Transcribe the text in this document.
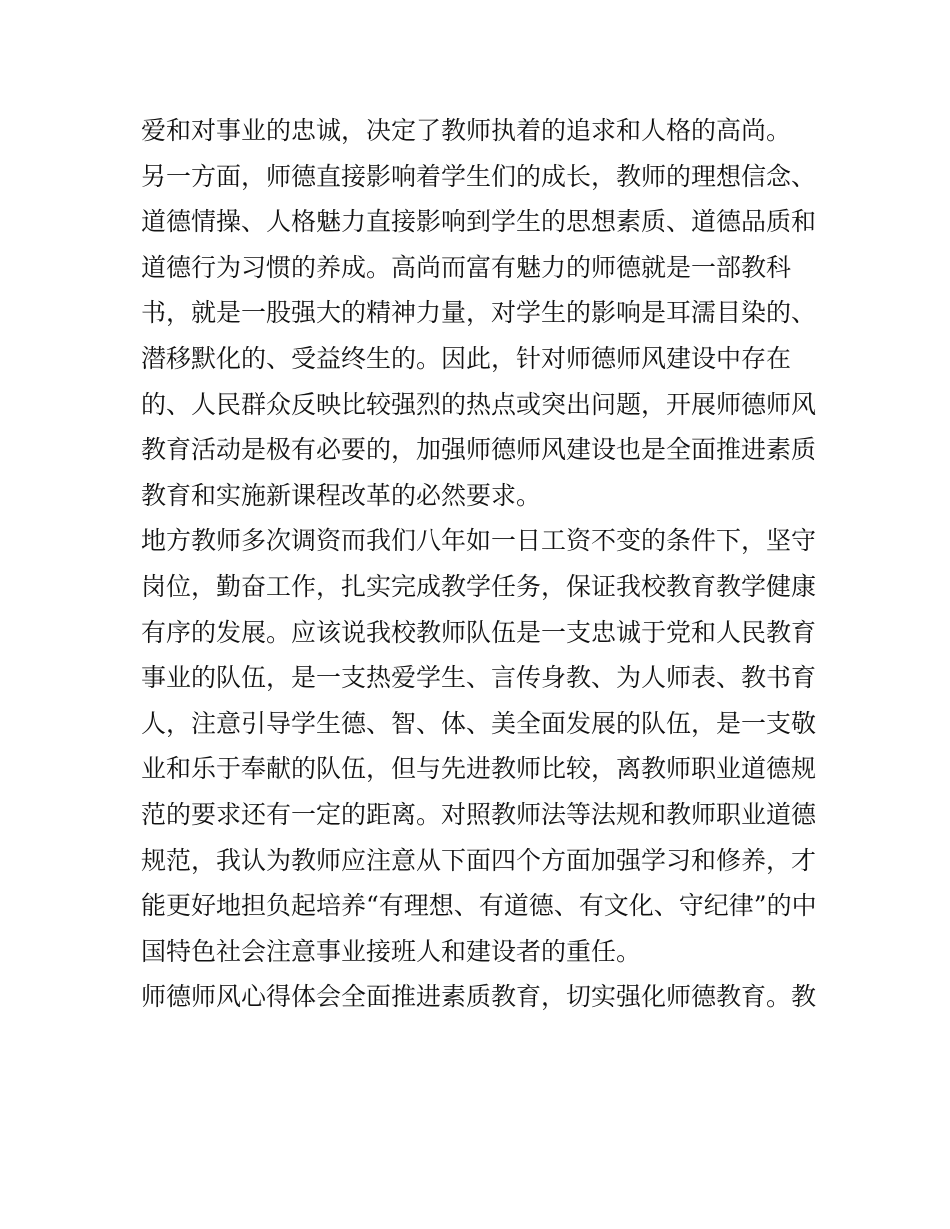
爱和对事业的忠诚，决定了教师执着的追求和人格的高尚。
另一方面，师德直接影响着学生们的成长，教师的理想信念、
道德情操、人格魅力直接影响到学生的思想素质、道德品质和
道德行为习惯的养成。高尚而富有魅力的师德就是一部教科
书，就是一股强大的精神力量，对学生的影响是耳濡目染的、
潜移默化的、受益终生的。因此，针对师德师风建设中存在
的、人民群众反映比较强烈的热点或突出问题，开展师德师风
教育活动是极有必要的，加强师德师风建设也是全面推进素质
教育和实施新课程改革的必然要求。
地方教师多次调资而我们八年如一日工资不变的条件下，坚守
岗位，勤奋工作，扎实完成教学任务，保证我校教育教学健康
有序的发展。应该说我校教师队伍是一支忠诚于党和人民教育
事业的队伍，是一支热爱学生、言传身教、为人师表、教书育
人，注意引导学生德、智、体、美全面发展的队伍，是一支敬
业和乐于奉献的队伍，但与先进教师比较，离教师职业道德规
范的要求还有一定的距离。对照教师法等法规和教师职业道德
规范，我认为教师应注意从下面四个方面加强学习和修养，才
能更好地担负起培养“有理想、有道德、有文化、守纪律”的中
国特色社会注意事业接班人和建设者的重任。
师德师风心得体会全面推进素质教育，切实强化师德教育。教
